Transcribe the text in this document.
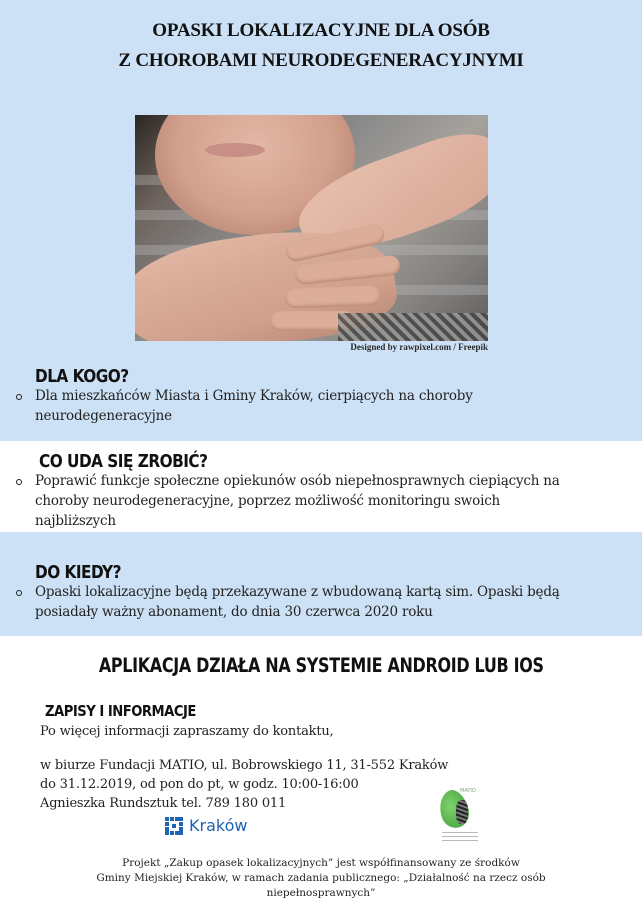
OPASKI LOKALIZACYJNE DLA OSÓB
Z CHOROBAMI NEURODEGENERACYJNYMI
Designed by rawpixel.com / Freepik
DLA KOGO?
Dla mieszkańców Miasta i Gminy Kraków, cierpiących na choroby
neurodegeneracyjne
CO UDA SIĘ ZROBIĆ?
Poprawić funkcje społeczne opiekunów osób niepełnosprawnych ciepiących na
choroby neurodegeneracyjne, poprzez możliwość monitoringu swoich
najbliższych
DO KIEDY?
Opaski lokalizacyjne będą przekazywane z wbudowaną kartą sim. Opaski będą
posiadały ważny abonament, do dnia 30 czerwca 2020 roku
APLIKACJA DZIAŁA NA SYSTEMIE ANDROID LUB IOS
ZAPISY I INFORMACJE
Po więcej informacji zapraszamy do kontaktu,
w biurze Fundacji MATIO, ul. Bobrowskiego 11, 31-552 Kraków
do 31.12.2019, od pon do pt, w godz. 10:00-16:00
Agnieszka Rundsztuk tel. 789 180 011
Kraków
MATIO
Projekt „Zakup opasek lokalizacyjnych” jest współfinansowany ze środków
Gminy Miejskiej Kraków, w ramach zadania publicznego: „Działalność na rzecz osób
niepełnosprawnych”
